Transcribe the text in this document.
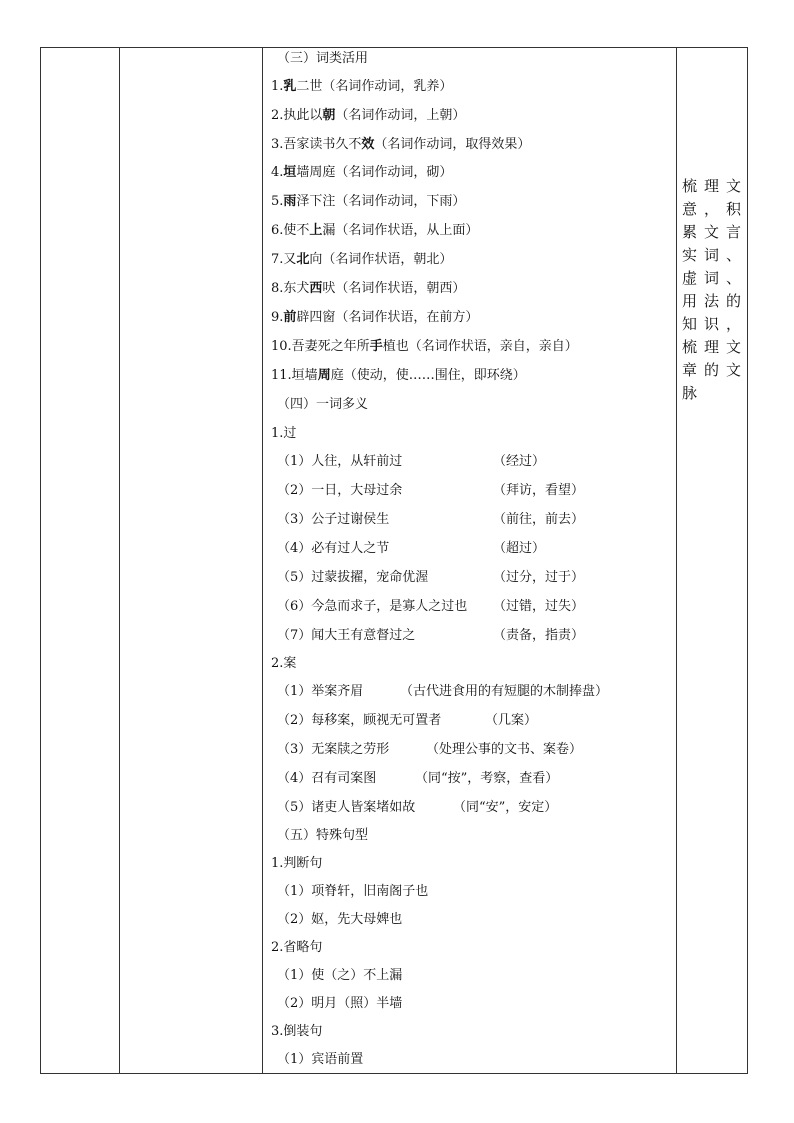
（三）词类活用
1.乳二世（名词作动词，乳养）
2.执此以朝（名词作动词，上朝）
3.吾家读书久不效（名词作动词，取得效果）
4.垣墙周庭（名词作动词，砌）
5.雨泽下注（名词作动词，下雨）
6.使不上漏（名词作状语，从上面）
7.又北向（名词作状语，朝北）
8.东犬西吠（名词作状语，朝西）
9.前辟四窗（名词作状语，在前方）
10.吾妻死之年所手植也（名词作状语，亲自，亲自）
11.垣墙周庭（使动，使……围住，即环绕）
（四）一词多义
1.过
（1）人往，从轩前过	（经过）
（2）一日，大母过余	（拜访，看望）
（3）公子过谢侯生	（前往，前去）
（4）必有过人之节	（超过）
（5）过蒙拔擢，宠命优渥	（过分，过于）
（6）今急而求子，是寡人之过也 （过错，过失）
（7）闻大王有意督过之	（责备，指责）
2.案
（1）举案齐眉	（古代进食用的有短腿的木制捧盘）
（2）每移案，顾视无可置者	（几案）
（3）无案牍之劳形	（处理公事的文书、案卷）
（4）召有司案图	（同“按”，考察，查看）
（5）诸吏人皆案堵如故	（同“安”，安定）
（五）特殊句型
1.判断句
（1）项脊轩，旧南阁子也
（2）妪，先大母婢也
2.省略句
（1）使（之）不上漏
（2）明月（照）半墙
3.倒装句
（1）宾语前置

梳理文意，积累文言实词、虚词、用法的知识，梳理文章的文脉
